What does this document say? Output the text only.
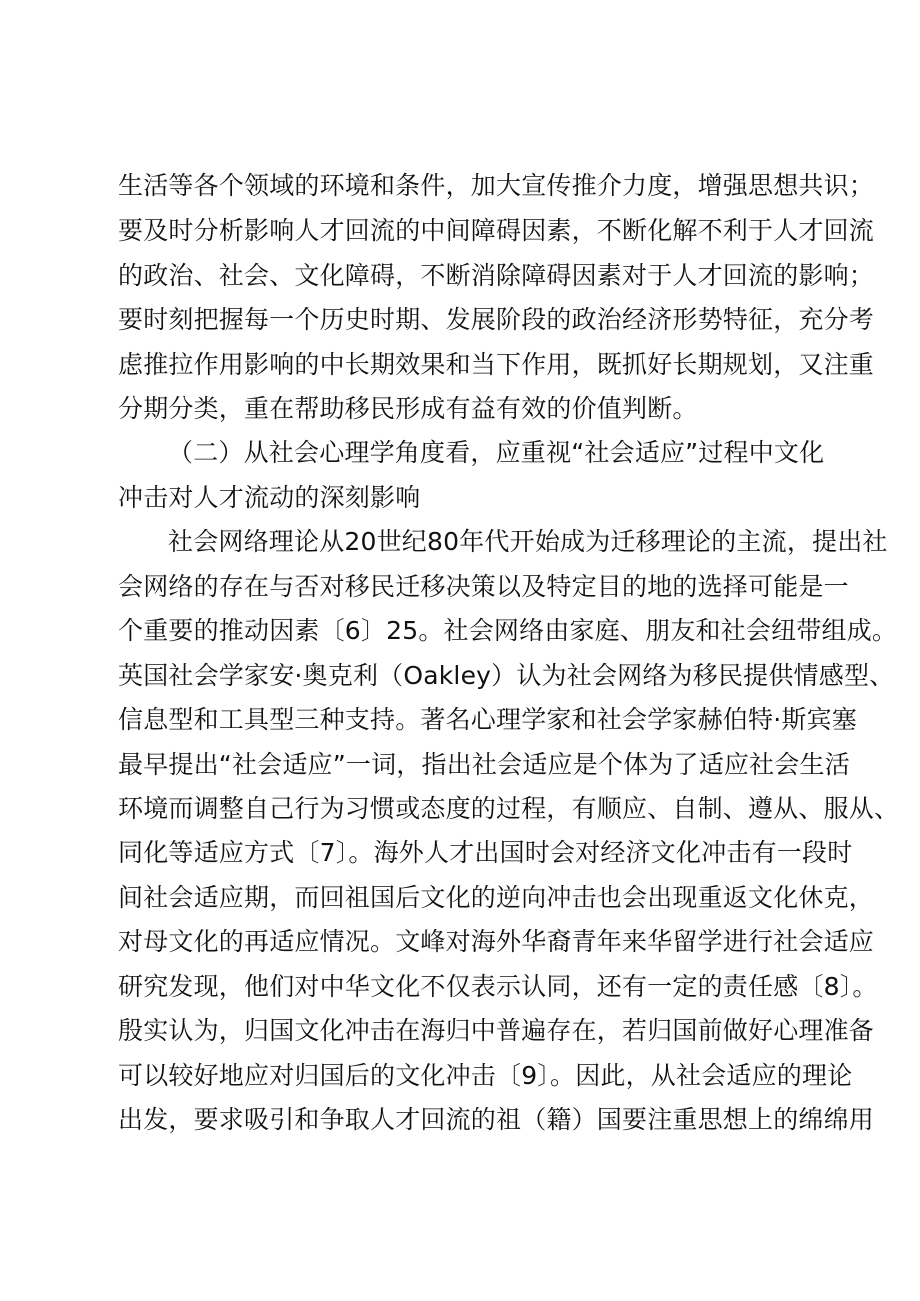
生活等各个领域的环境和条件，加大宣传推介力度，增强思想共识；
要及时分析影响人才回流的中间障碍因素，不断化解不利于人才回流
的政治、社会、文化障碍，不断消除障碍因素对于人才回流的影响；
要时刻把握每一个历史时期、发展阶段的政治经济形势特征，充分考
虑推拉作用影响的中长期效果和当下作用，既抓好长期规划，又注重
分期分类，重在帮助移民形成有益有效的价值判断。
（二）从社会心理学角度看，应重视“社会适应”过程中文化
冲击对人才流动的深刻影响
社会网络理论从20世纪80年代开始成为迁移理论的主流，提出社
会网络的存在与否对移民迁移决策以及特定目的地的选择可能是一
个重要的推动因素〔6〕25。社会网络由家庭、朋友和社会纽带组成。
英国社会学家安·奥克利（Oakley）认为社会网络为移民提供情感型、
信息型和工具型三种支持。著名心理学家和社会学家赫伯特·斯宾塞
最早提出“社会适应”一词，指出社会适应是个体为了适应社会生活
环境而调整自己行为习惯或态度的过程，有顺应、自制、遵从、服从、
同化等适应方式〔7〕。海外人才出国时会对经济文化冲击有一段时
间社会适应期，而回祖国后文化的逆向冲击也会出现重返文化休克，
对母文化的再适应情况。文峰对海外华裔青年来华留学进行社会适应
研究发现，他们对中华文化不仅表示认同，还有一定的责任感〔8〕。
殷实认为，归国文化冲击在海归中普遍存在，若归国前做好心理准备
可以较好地应对归国后的文化冲击〔9〕。因此，从社会适应的理论
出发，要求吸引和争取人才回流的祖（籍）国要注重思想上的绵绵用
